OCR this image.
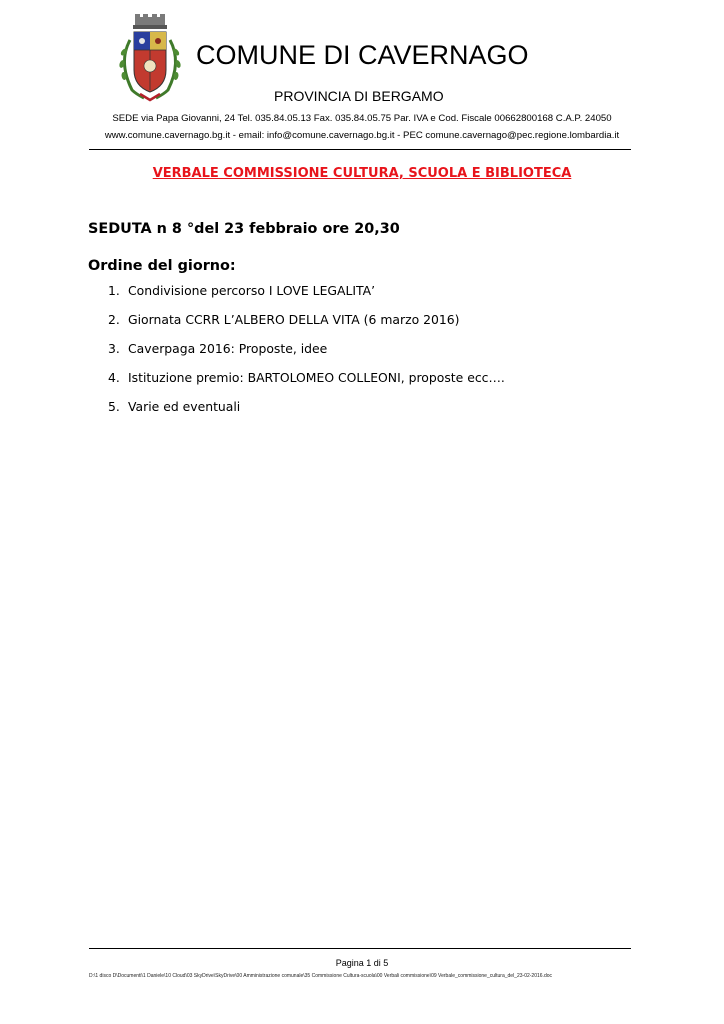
COMUNE DI CAVERNAGO
PROVINCIA DI BERGAMO
SEDE via Papa Giovanni, 24 Tel. 035.84.05.13 Fax. 035.84.05.75 Par. IVA e Cod. Fiscale 00662800168 C.A.P. 24050
www.comune.cavernago.bg.it - email: info@comune.cavernago.bg.it - PEC comune.cavernago@pec.regione.lombardia.it
VERBALE COMMISSIONE CULTURA, SCUOLA E BIBLIOTECA
SEDUTA n 8 °del 23 febbraio ore 20,30
Ordine del giorno:
1. Condivisione percorso I LOVE LEGALITA’
2. Giornata CCRR L’ALBERO DELLA VITA (6 marzo 2016)
3. Caverpaga 2016: Proposte, idee
4. Istituzione premio: BARTOLOMEO COLLEONI, proposte ecc….
5. Varie ed eventuali
Pagina 1 di 5
D:\1 disco D\Documenti\1 Daniele\10 Cloud\03 SkyDrive\SkyDrive\00 Amministrazione comunale\35 Commissione Cultura-scuola\00 Verbali commissione\09 Verbale_commissione_cultura_del_23-02-2016.doc
